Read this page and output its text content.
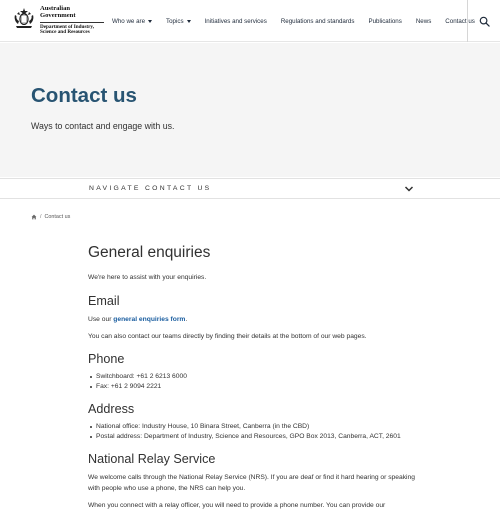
Australian Government
Department of Industry,
Science and Resources
Who we are	Topics	Initiatives and services Regulations and standards Publications News Contact us
Contact us

Ways to contact and engage with us.

NAVIGATE CONTACT US
/ Contact us
General enquiries

We're here to assist with your enquiries.

Email

Use our general enquiries form.

You can also contact our teams directly by finding their details at the bottom of our web pages.

Phone
Switchboard: +61 2 6213 6000
Fax: +61 2 9094 2221
Address
National office: Industry House, 10 Binara Street, Canberra (in the CBD)
Postal address: Department of Industry, Science and Resources, GPO Box 2013, Canberra, ACT, 2601
National Relay Service

We welcome calls through the National Relay Service (NRS). If you are deaf or find it hard hearing or speaking with people who use a phone, the NRS can help you.

When you connect with a relay officer, you will need to provide a phone number. You can provide our
